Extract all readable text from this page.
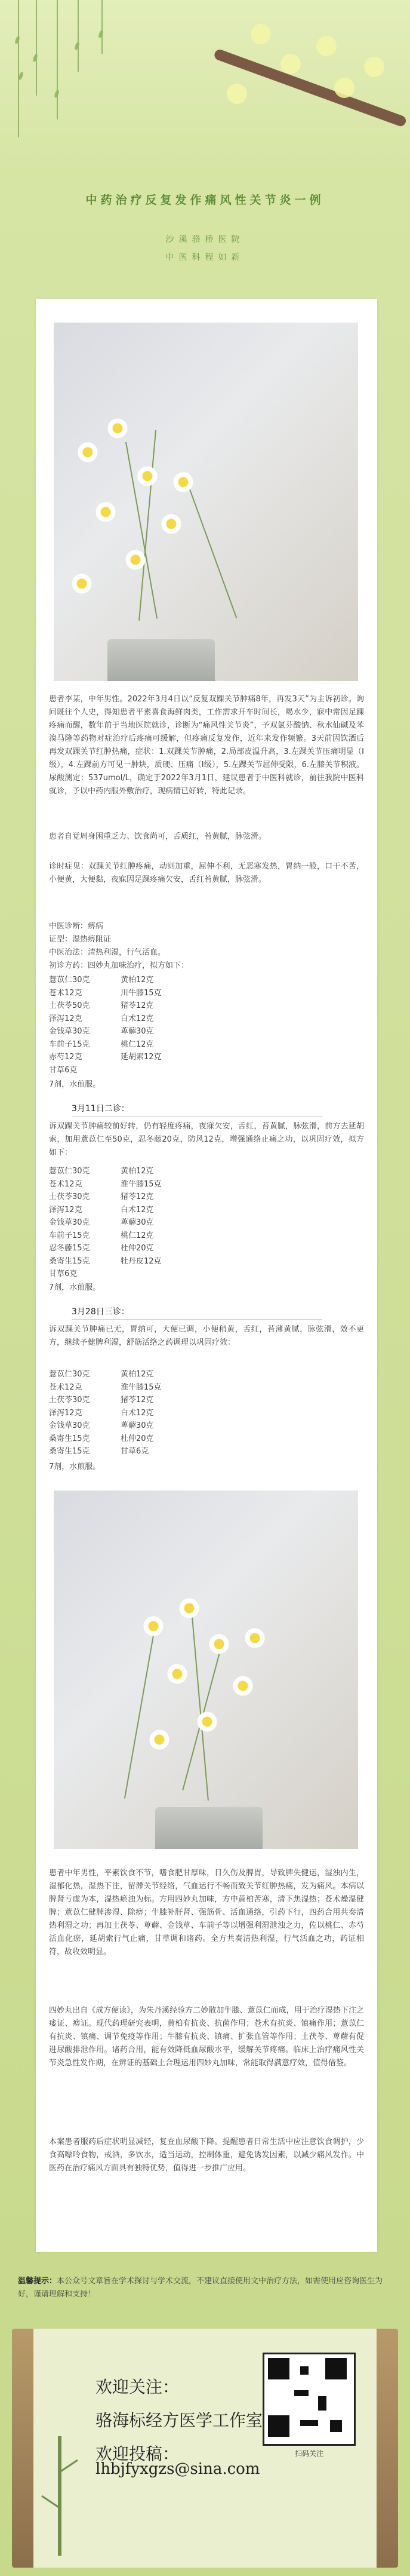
中药治疗反复发作痛风性关节炎一例
沙溪骆桥医院
中医科程如新
患者李某，中年男性。2022年3月4日以“反复双踝关节肿痛8年，再发3天”为主诉初诊。询问既往个人史，得知患者平素喜食海鲜肉类，工作需求开车时间长，喝水少，寐中常因足踝疼痛而醒，数年前于当地医院就诊，诊断为“痛风性关节炎”，予双氯芬酸钠、秋水仙碱及苯溴马隆等药物对症治疗后疼痛可缓解，但疼痛反复发作，近年来发作频繁。3天前因饮酒后再发双踝关节红肿热痛，症状：1.双踝关节肿痛，2.局部皮温升高，3.左踝关节压痛明显（Ⅰ级），4.左踝前方可见一肿块，质硬、压痛（Ⅰ级），5.左踝关节屈伸受限，6.左膝关节积液。尿酸测定：537umol/L，确定于2022年3月1日，建议患者于中医科就诊，前往我院中医科就诊，予以中药内服外敷治疗，现病情已好转，特此记录。
患者自觉周身困重乏力、饮食尚可，舌质红，苔黄腻，脉弦滑。
诊时症见：双踝关节红肿疼痛，动则加重，屈伸不利，无恶寒发热，胃纳一般，口干不苦，小便黄，大便黏，夜寐因足踝疼痛欠安，舌红苔黄腻，脉弦滑。
中医诊断：痹病
证型：湿热痹阻证
中医治法：清热利湿，行气活血。
初诊方药：四妙丸加味治疗，拟方如下：
薏苡仁30克	黄柏12克
苍术12克	川牛膝15克
土茯苓50克	猪苓12克
泽泻12克	白术12克
金钱草30克	萆薢30克
车前子15克	桃仁12克
赤芍12克	延胡索12克
甘草6克
7剂，水煎服。
3月11日二诊：
诉双踝关节肿痛较前好转，仍有轻度疼痛，夜寐欠安，舌红，苔黄腻，脉弦滑，前方去延胡索，加用薏苡仁至50克，忍冬藤20克，防风12克，增强通络止痛之功，以巩固疗效，拟方如下：
薏苡仁30克	黄柏12克
苍术12克	淮牛膝15克
土茯苓30克	猪苓12克
泽泻12克	白术12克
金钱草30克	萆薢30克
车前子15克	桃仁12克
忍冬藤15克	杜仲20克
桑寄生15克	牡丹皮12克
甘草6克
7剂，水煎服。
3月28日三诊：
诉双踝关节肿痛已无，胃纳可，大便已调，小便稍黄，舌红，苔薄黄腻，脉弦滑，效不更方，继续予健脾利湿，舒筋活络之药调理以巩固疗效：
薏苡仁30克	黄柏12克
苍术12克	淮牛膝15克
土茯苓30克	猪苓12克
泽泻12克	白术12克
金钱草30克	萆薢30克
桑寄生15克	杜仲20克
桑寄生15克	甘草6克
7剂，水煎服。
患者中年男性，平素饮食不节，嗜食肥甘厚味，日久伤及脾胃，导致脾失健运，湿浊内生，湿郁化热，湿热下注，留滞关节经络，气血运行不畅而致关节红肿热痛，发为痛风。本病以脾肾亏虚为本，湿热瘀浊为标。方用四妙丸加味，方中黄柏苦寒，清下焦湿热；苍术燥湿健脾；薏苡仁健脾渗湿、除痹；牛膝补肝肾、强筋骨、活血通络，引药下行，四药合用共奏清热利湿之功；再加土茯苓、萆薢、金钱草、车前子等以增强利湿泄浊之力，佐以桃仁、赤芍活血化瘀，延胡索行气止痛，甘草调和诸药。全方共奏清热利湿，行气活血之功，药证相符，故收效明显。
四妙丸出自《成方便读》，为朱丹溪经验方二妙散加牛膝、薏苡仁而成，用于治疗湿热下注之痿证、痹证。现代药理研究表明，黄柏有抗炎、抗菌作用；苍术有抗炎、镇痛作用；薏苡仁有抗炎、镇痛、调节免疫等作用；牛膝有抗炎、镇痛、扩张血管等作用；土茯苓、萆薢有促进尿酸排泄作用。诸药合用，能有效降低血尿酸水平，缓解关节疼痛。临床上治疗痛风性关节炎急性发作期，在辨证的基础上合理运用四妙丸加味，常能取得满意疗效，值得借鉴。
本案患者服药后症状明显减轻，复查血尿酸下降。提醒患者日常生活中应注意饮食调护，少食高嘌呤食物，戒酒，多饮水，适当运动，控制体重，避免诱发因素，以减少痛风发作。中医药在治疗痛风方面具有独特优势，值得进一步推广应用。
温馨提示：本公众号文章旨在学术探讨与学术交流，不建议直接使用文中治疗方法，如需使用应咨询医生为好，谨请理解和支持！
欢迎关注：
骆海标经方医学工作室
欢迎投稿：
lhbjfyxgzs@sina.com
扫码关注
